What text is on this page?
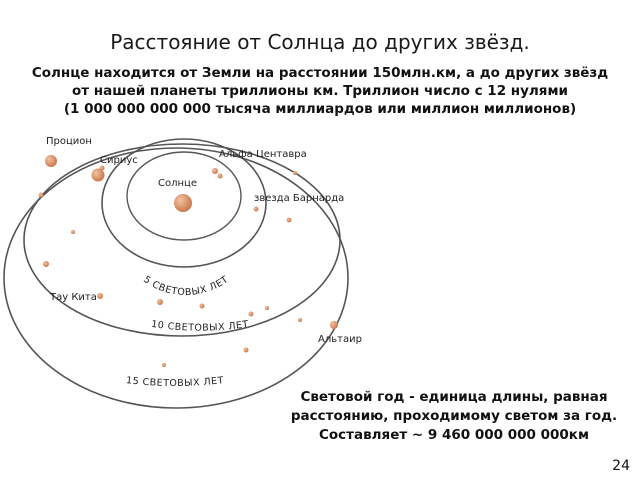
Расстояние от Солнца до других звёзд.

Солнце находится от Земли на расстоянии 150млн.км, а до других звёзд от нашей планеты триллионы км. Триллион число с 12 нулями

(1 000 000 000 000 тысяча миллиардов или миллион миллионов)

5 СВЕТОВЫХ ЛЕТ
10 СВЕТОВЫХ ЛЕТ
15 СВЕТОВЫХ ЛЕТ
Солнце
Процион
Сириус
Альфа Центавра
звезда Барнарда
Тау Кита
Альтаир

Световой год - единица длины, равная расстоянию, проходимому светом за год.

Составляет ~ 9 460 000 000 000км

24
